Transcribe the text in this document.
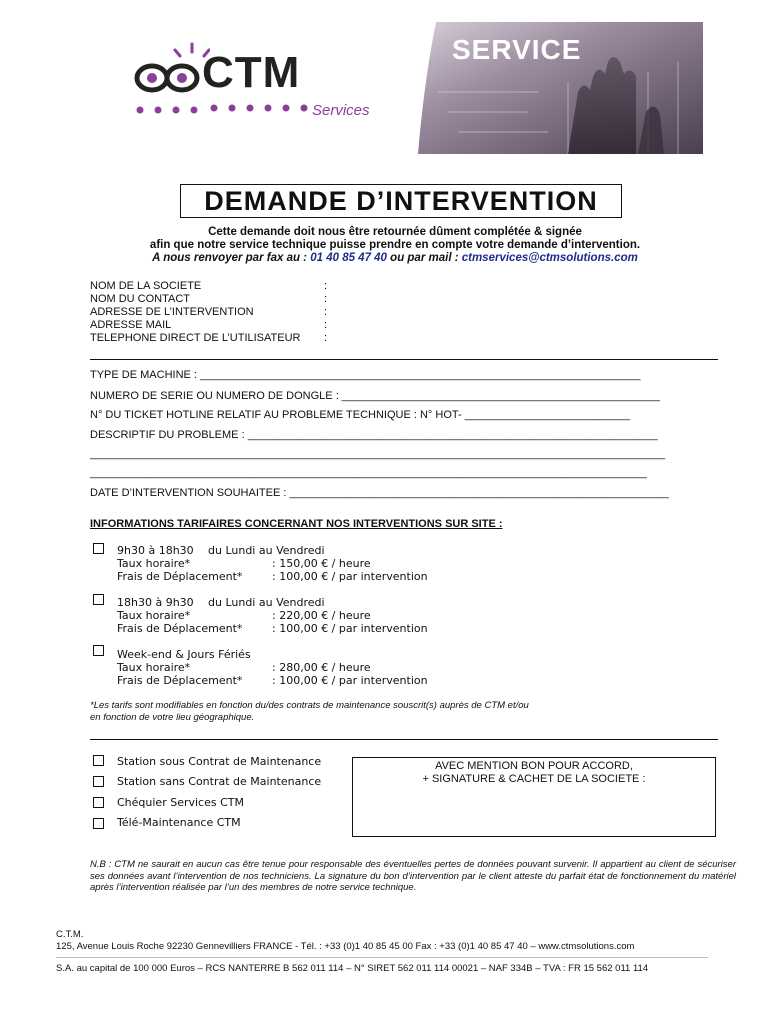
CTM
Services
SERVICE
DEMANDE D’INTERVENTION
Cette demande doit nous être retournée dûment complétée & signée
afin que notre service technique puisse prendre en compte votre demande d’intervention.
A nous renvoyer par fax au : 01 40 85 47 40 ou par mail : ctmservices@ctmsolutions.com
NOM DE LA SOCIETE	:
NOM DU CONTACT	:
ADRESSE DE L’INTERVENTION	:
ADRESSE MAIL	:
TELEPHONE DIRECT DE L’UTILISATEUR :
TYPE DE MACHINE : ________________________________________________________________________
NUMERO DE SERIE OU NUMERO DE DONGLE : ____________________________________________________
N° DU TICKET HOTLINE RELATIF AU PROBLEME TECHNIQUE : N° HOT- ___________________________
DESCRIPTIF DU PROBLEME : ___________________________________________________________________
______________________________________________________________________________________________
___________________________________________________________________________________________
DATE D’INTERVENTION SOUHAITEE : ______________________________________________________________
INFORMATIONS TARIFAIRES CONCERNANT NOS INTERVENTIONS SUR SITE :
9h30 à 18h30 du Lundi au Vendredi
Taux horaire*	: 150,00 € / heure
Frais de Déplacement*	: 100,00 € / par intervention
18h30 à 9h30 du Lundi au Vendredi
Taux horaire*	: 220,00 € / heure
Frais de Déplacement*	: 100,00 € / par intervention
Week-end & Jours Fériés
Taux horaire*	: 280,00 € / heure
Frais de Déplacement*	: 100,00 € / par intervention
*Les tarifs sont modifiables en fonction du/des contrats de maintenance souscrit(s) auprès de CTM et/ou
en fonction de votre lieu géographique.
Station sous Contrat de Maintenance
Station sans Contrat de Maintenance
Chéquier Services CTM
Télé-Maintenance CTM
AVEC MENTION BON POUR ACCORD,
+ SIGNATURE & CACHET DE LA SOCIETE :
N.B : CTM ne saurait en aucun cas être tenue pour responsable des éventuelles pertes de données pouvant survenir. Il appartient au client de sécuriser ses données avant l’intervention de nos techniciens. La signature du bon d’intervention par le client atteste du parfait état de fonctionnement du matériel après l’intervention réalisée par l’un des membres de notre service technique.
C.T.M.
125, Avenue Louis Roche 92230 Gennevilliers FRANCE - Tél. : +33 (0)1 40 85 45 00 Fax : +33 (0)1 40 85 47 40 – www.ctmsolutions.com
S.A. au capital de 100 000 Euros – RCS NANTERRE B 562 011 114 – N° SIRET 562 011 114 00021 – NAF 334B – TVA : FR 15 562 011 114
